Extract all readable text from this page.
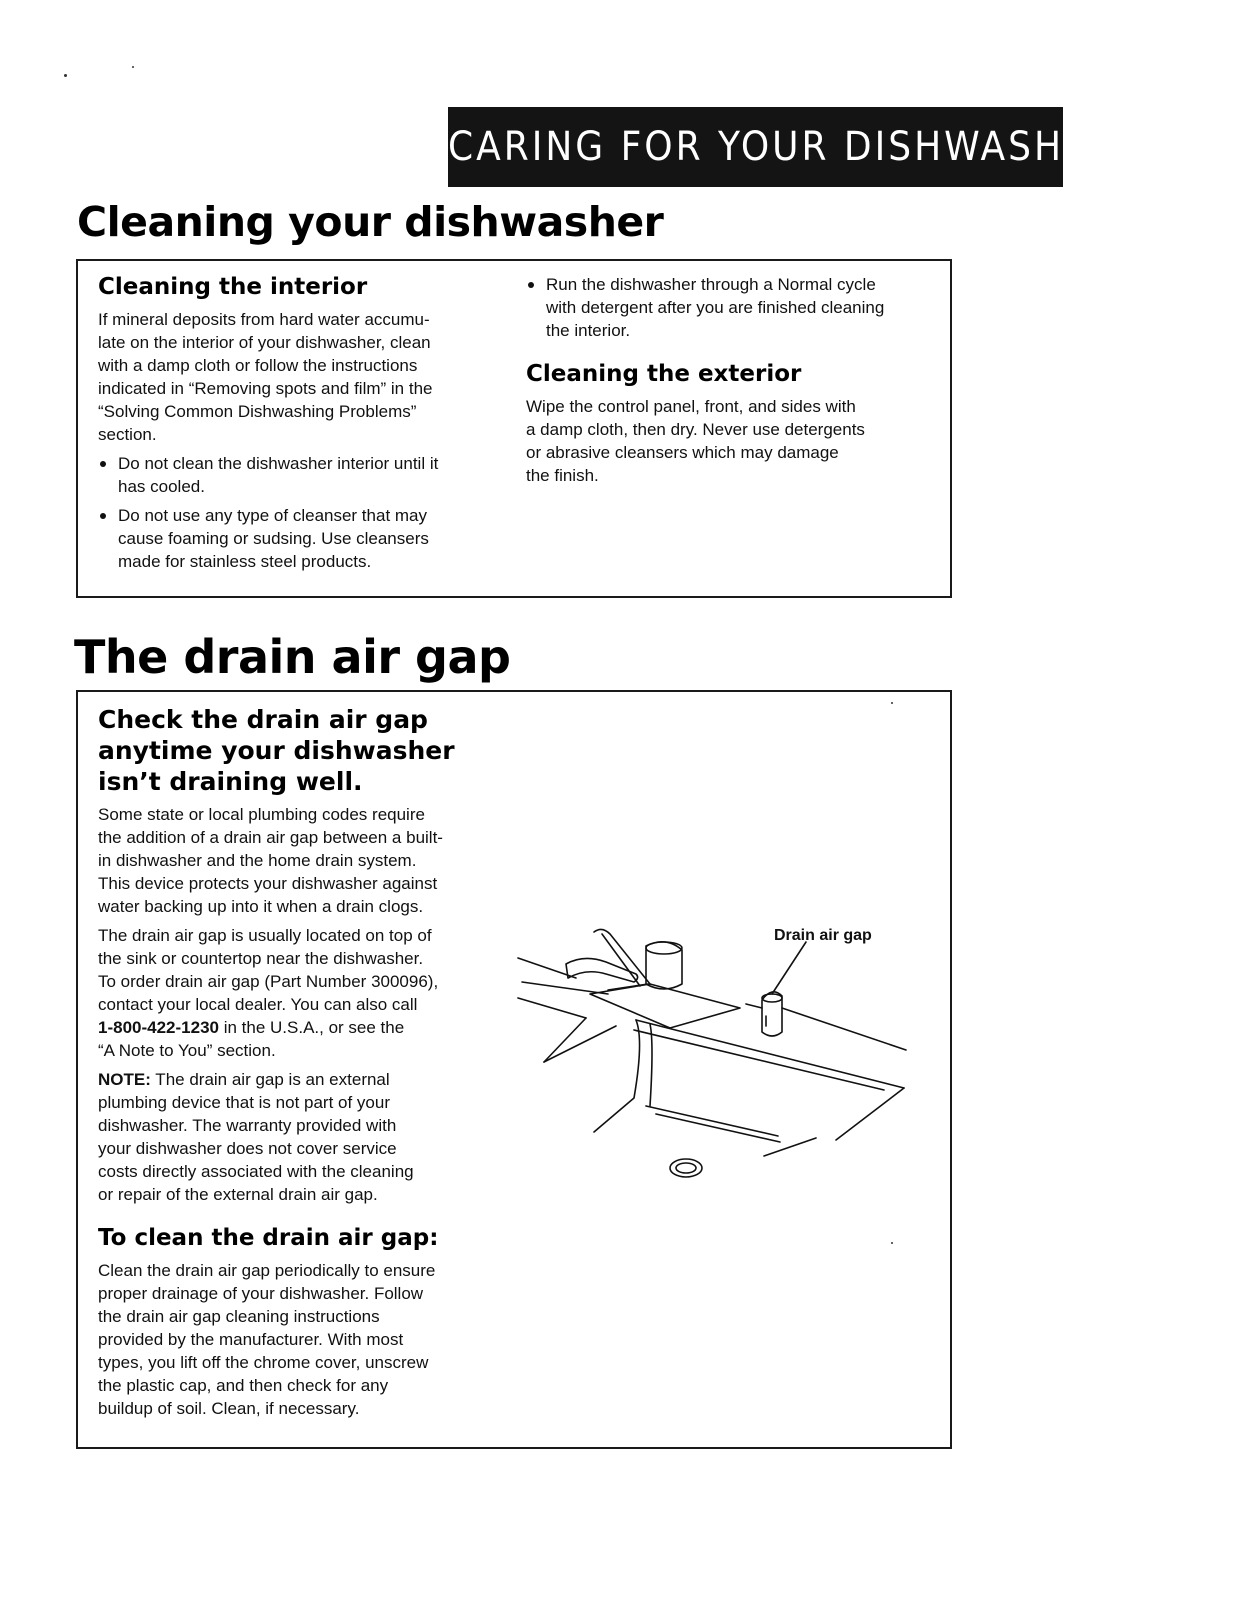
CARING FOR YOUR DISHWASHER
Cleaning your dishwasher
Cleaning the interior

If mineral deposits from hard water accumu-
late on the interior of your dishwasher, clean
with a damp cloth or follow the instructions
indicated in “Removing spots and film” in the
“Solving Common Dishwashing Problems”
section.

Do not clean the dishwasher interior until it
has cooled.
Do not use any type of cleanser that may
cause foaming or sudsing. Use cleansers
made for stainless steel products.
Run the dishwasher through a Normal cycle
with detergent after you are finished cleaning
the interior.
Cleaning the exterior

Wipe the control panel, front, and sides with
a damp cloth, then dry. Never use detergents
or abrasive cleansers which may damage
the finish.

The drain air gap
Check the drain air gap
anytime your dishwasher
isn’t draining well.

Some state or local plumbing codes require
the addition of a drain air gap between a built-
in dishwasher and the home drain system.
This device protects your dishwasher against
water backing up into it when a drain clogs.

The drain air gap is usually located on top of
the sink or countertop near the dishwasher.
To order drain air gap (Part Number 300096),
contact your local dealer. You can also call
1-800-422-1230 in the U.S.A., or see the
“A Note to You” section.

NOTE: The drain air gap is an external
plumbing device that is not part of your
dishwasher. The warranty provided with
your dishwasher does not cover service
costs directly associated with the cleaning
or repair of the external drain air gap.

To clean the drain air gap:

Clean the drain air gap periodically to ensure
proper drainage of your dishwasher. Follow
the drain air gap cleaning instructions
provided by the manufacturer. With most
types, you lift off the chrome cover, unscrew
the plastic cap, and then check for any
buildup of soil. Clean, if necessary.

Drain air gap
